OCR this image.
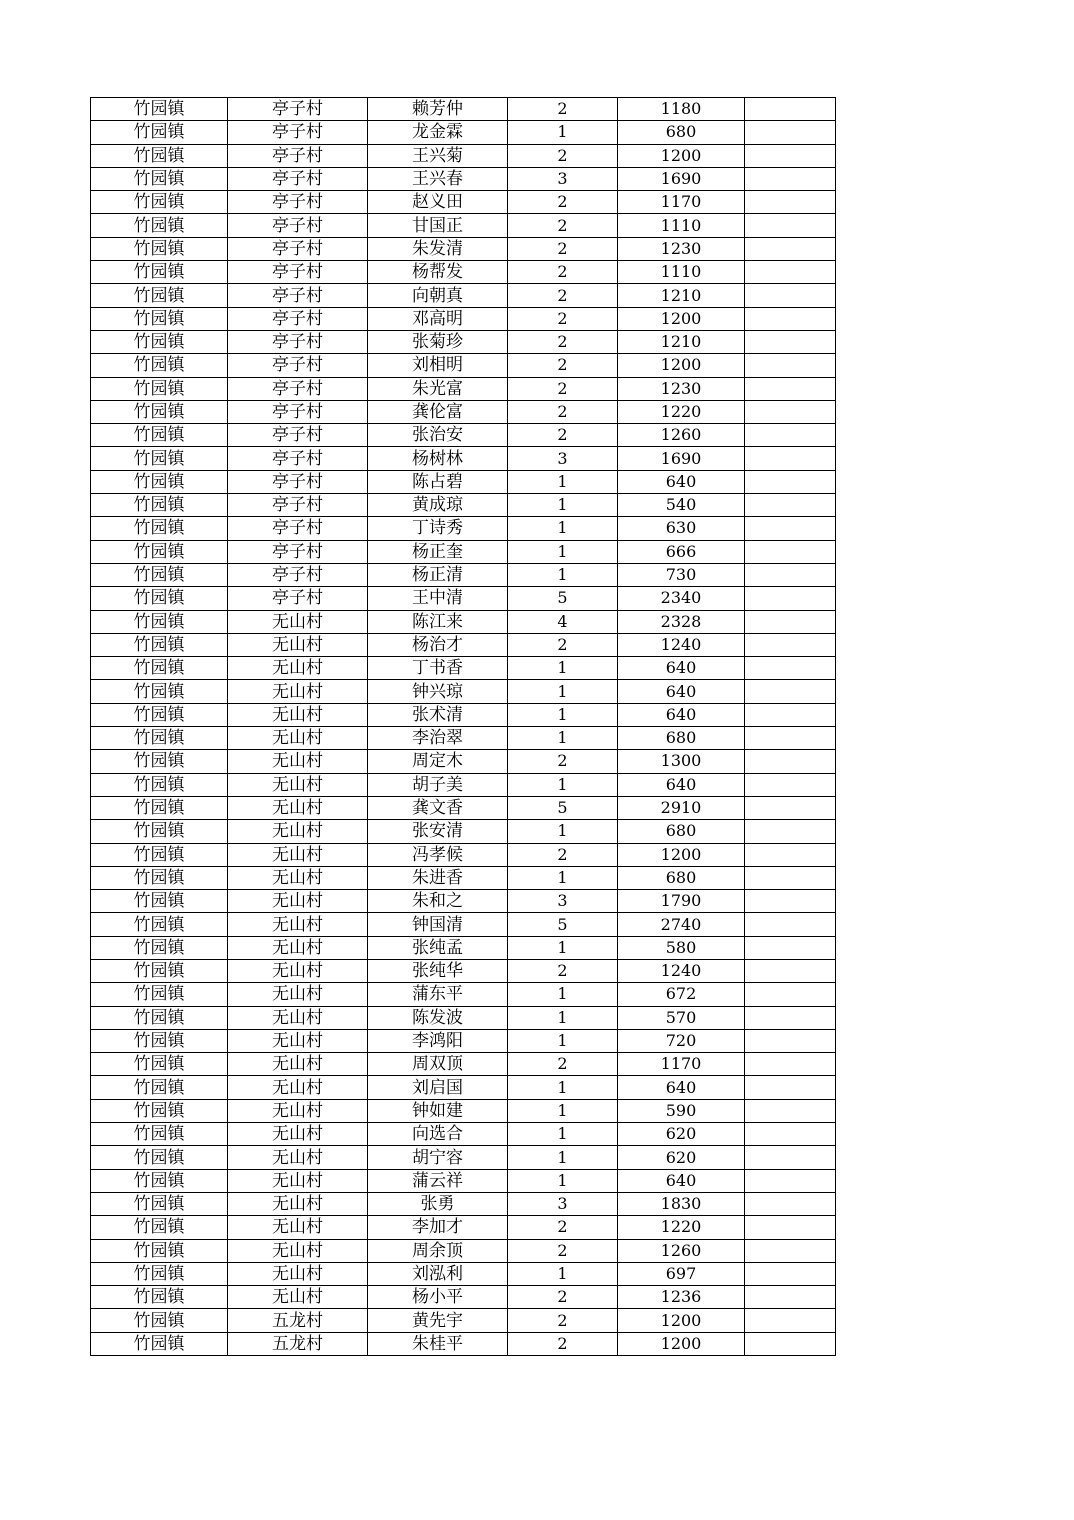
竹园镇	亭子村	赖芳仲	2	1180	
竹园镇	亭子村	龙金霖	1	680	
竹园镇	亭子村	王兴菊	2	1200	
竹园镇	亭子村	王兴春	3	1690	
竹园镇	亭子村	赵义田	2	1170	
竹园镇	亭子村	甘国正	2	1110	
竹园镇	亭子村	朱发清	2	1230	
竹园镇	亭子村	杨帮发	2	1110	
竹园镇	亭子村	向朝真	2	1210	
竹园镇	亭子村	邓高明	2	1200	
竹园镇	亭子村	张菊珍	2	1210	
竹园镇	亭子村	刘相明	2	1200	
竹园镇	亭子村	朱光富	2	1230	
竹园镇	亭子村	龚伦富	2	1220	
竹园镇	亭子村	张治安	2	1260	
竹园镇	亭子村	杨树林	3	1690	
竹园镇	亭子村	陈占碧	1	640	
竹园镇	亭子村	黄成琼	1	540	
竹园镇	亭子村	丁诗秀	1	630	
竹园镇	亭子村	杨正奎	1	666	
竹园镇	亭子村	杨正清	1	730	
竹园镇	亭子村	王中清	5	2340	
竹园镇	无山村	陈江来	4	2328	
竹园镇	无山村	杨治才	2	1240	
竹园镇	无山村	丁书香	1	640	
竹园镇	无山村	钟兴琼	1	640	
竹园镇	无山村	张术清	1	640	
竹园镇	无山村	李治翠	1	680	
竹园镇	无山村	周定木	2	1300	
竹园镇	无山村	胡子美	1	640	
竹园镇	无山村	龚文香	5	2910	
竹园镇	无山村	张安清	1	680	
竹园镇	无山村	冯孝候	2	1200	
竹园镇	无山村	朱进香	1	680	
竹园镇	无山村	朱和之	3	1790	
竹园镇	无山村	钟国清	5	2740	
竹园镇	无山村	张纯孟	1	580	
竹园镇	无山村	张纯华	2	1240	
竹园镇	无山村	蒲东平	1	672	
竹园镇	无山村	陈发波	1	570	
竹园镇	无山村	李鸿阳	1	720	
竹园镇	无山村	周双顶	2	1170	
竹园镇	无山村	刘启国	1	640	
竹园镇	无山村	钟如建	1	590	
竹园镇	无山村	向选合	1	620	
竹园镇	无山村	胡宁容	1	620	
竹园镇	无山村	蒲云祥	1	640	
竹园镇	无山村	张勇	3	1830	
竹园镇	无山村	李加才	2	1220	
竹园镇	无山村	周余顶	2	1260	
竹园镇	无山村	刘泓利	1	697	
竹园镇	无山村	杨小平	2	1236	
竹园镇	五龙村	黄先宇	2	1200	
竹园镇	五龙村	朱桂平	2	1200	
